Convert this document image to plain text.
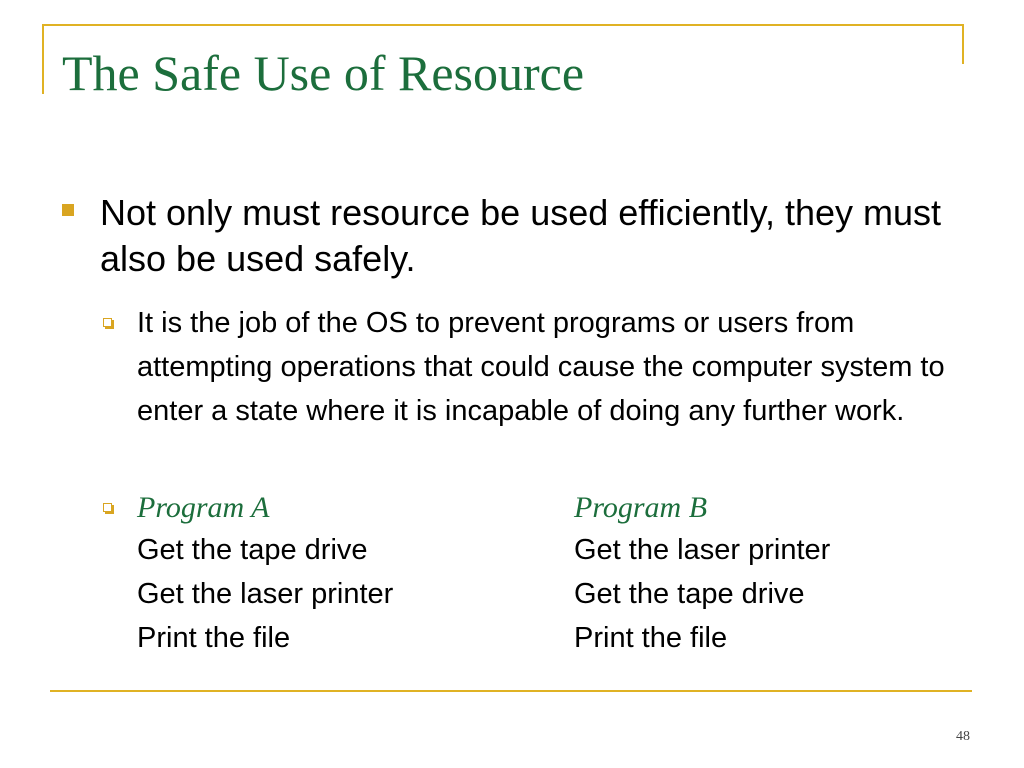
The Safe Use of Resource

Not only must resource be used efficiently, they must also be used safely.

It is the job of the OS to prevent programs or users from attempting operations that could cause the computer system to enter a state where it is incapable of doing any further work.

Program A
Get the tape drive
Get the laser printer
Print the file
Program B
Get the laser printer
Get the tape drive
Print the file
48
